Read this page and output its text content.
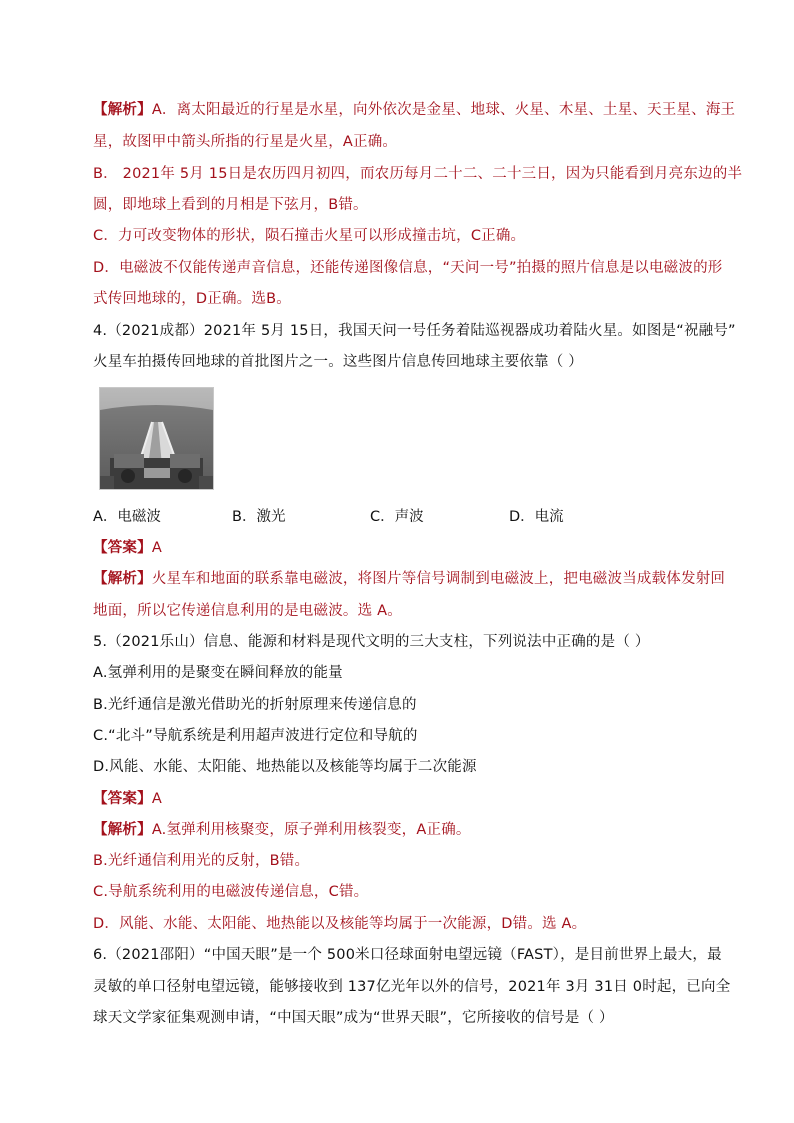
【解析】A．离太阳最近的行星是水星，向外依次是金星、地球、火星、木星、土星、天王星、海王
星，故图甲中箭头所指的行星是火星，A正确。
B． 2021年 5月 15日是农历四月初四，而农历每月二十二、二十三日，因为只能看到月亮东边的半
圆，即地球上看到的月相是下弦月，B错。
C．力可改变物体的形状，陨石撞击火星可以形成撞击坑，C正确。
D．电磁波不仅能传递声音信息，还能传递图像信息，“天问一号”拍摄的照片信息是以电磁波的形
式传回地球的，D正确。选B。
4.（2021成都）2021年 5月 15日，我国天问一号任务着陆巡视器成功着陆火星。如图是“祝融号”
火星车拍摄传回地球的首批图片之一。这些图片信息传回地球主要依靠（ ）
A．电磁波	B．激光	C．声波	D．电流
【答案】A
【解析】火星车和地面的联系靠电磁波，将图片等信号调制到电磁波上，把电磁波当成载体发射回
地面，所以它传递信息利用的是电磁波。选 A。
5.（2021乐山）信息、能源和材料是现代文明的三大支柱，下列说法中正确的是（ ）
A.氢弹利用的是聚变在瞬间释放的能量
B.光纤通信是激光借助光的折射原理来传递信息的
C.“北斗”导航系统是利用超声波进行定位和导航的
D.风能、水能、太阳能、地热能以及核能等均属于二次能源
【答案】A
【解析】A.氢弹利用核聚变，原子弹利用核裂变，A正确。
B.光纤通信利用光的反射，B错。
C.导航系统利用的电磁波传递信息，C错。
D．风能、水能、太阳能、地热能以及核能等均属于一次能源，D错。选 A。
6.（2021邵阳）“中国天眼”是一个 500米口径球面射电望远镜（FAST），是目前世界上最大，最
灵敏的单口径射电望远镜，能够接收到 137亿光年以外的信号，2021年 3月 31日 0时起，已向全
球天文学家征集观测申请，“中国天眼”成为“世界天眼”，它所接收的信号是（ ）
